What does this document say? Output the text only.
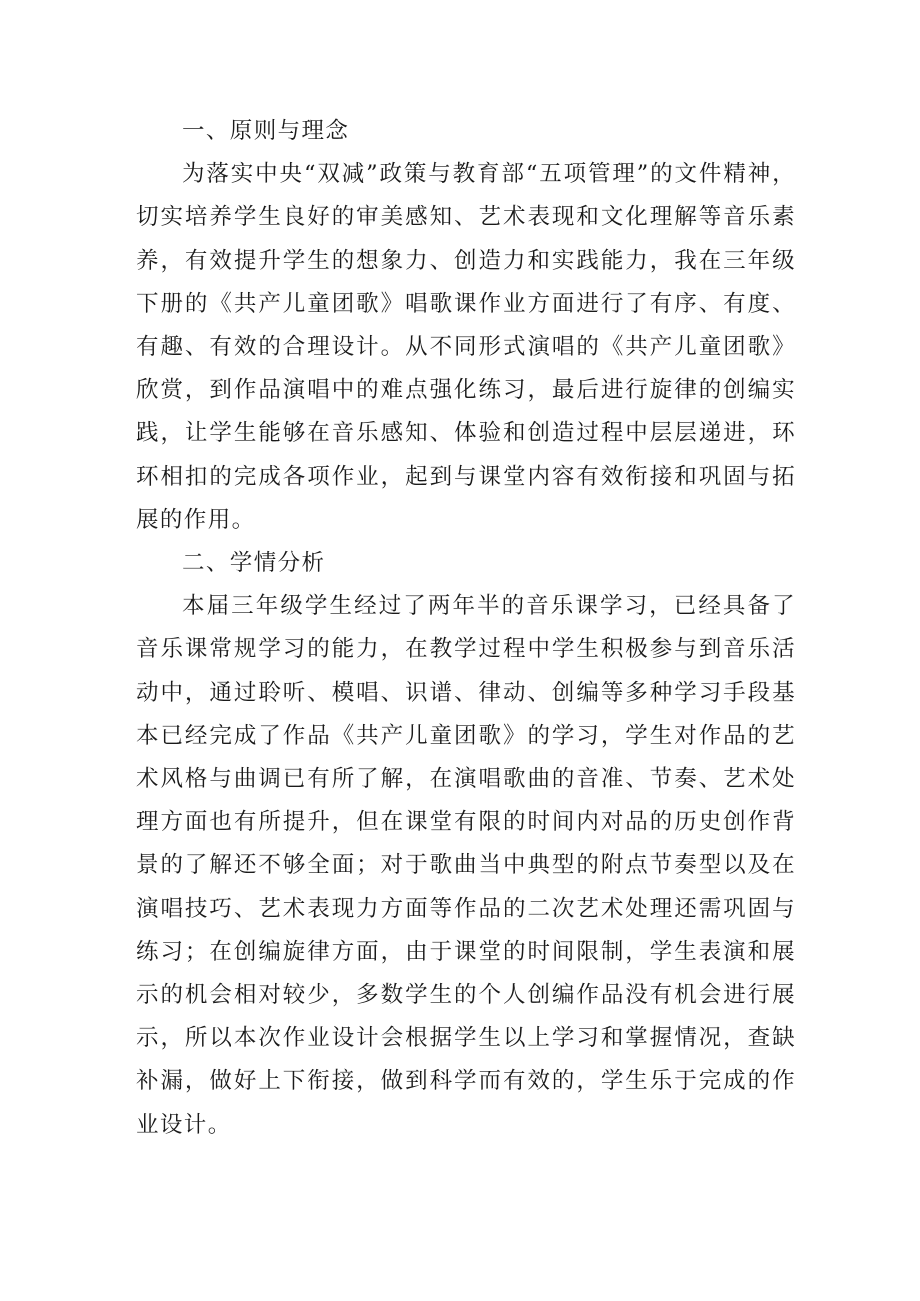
一、原则与理念

为落实中央“双减”政策与教育部“五项管理”的文件精神，切实培养学生良好的审美感知、艺术表现和文化理解等音乐素养，有效提升学生的想象力、创造力和实践能力，我在三年级下册的《共产儿童团歌》唱歌课作业方面进行了有序、有度、有趣、有效的合理设计。从不同形式演唱的《共产儿童团歌》欣赏，到作品演唱中的难点强化练习，最后进行旋律的创编实践，让学生能够在音乐感知、体验和创造过程中层层递进，环环相扣的完成各项作业，起到与课堂内容有效衔接和巩固与拓展的作用。

二、学情分析

本届三年级学生经过了两年半的音乐课学习，已经具备了音乐课常规学习的能力，在教学过程中学生积极参与到音乐活动中，通过聆听、模唱、识谱、律动、创编等多种学习手段基本已经完成了作品《共产儿童团歌》的学习，学生对作品的艺术风格与曲调已有所了解，在演唱歌曲的音准、节奏、艺术处理方面也有所提升，但在课堂有限的时间内对品的历史创作背景的了解还不够全面；对于歌曲当中典型的附点节奏型以及在演唱技巧、艺术表现力方面等作品的二次艺术处理还需巩固与练习；在创编旋律方面，由于课堂的时间限制，学生表演和展示的机会相对较少，多数学生的个人创编作品没有机会进行展示，所以本次作业设计会根据学生以上学习和掌握情况，查缺补漏，做好上下衔接，做到科学而有效的，学生乐于完成的作业设计。
